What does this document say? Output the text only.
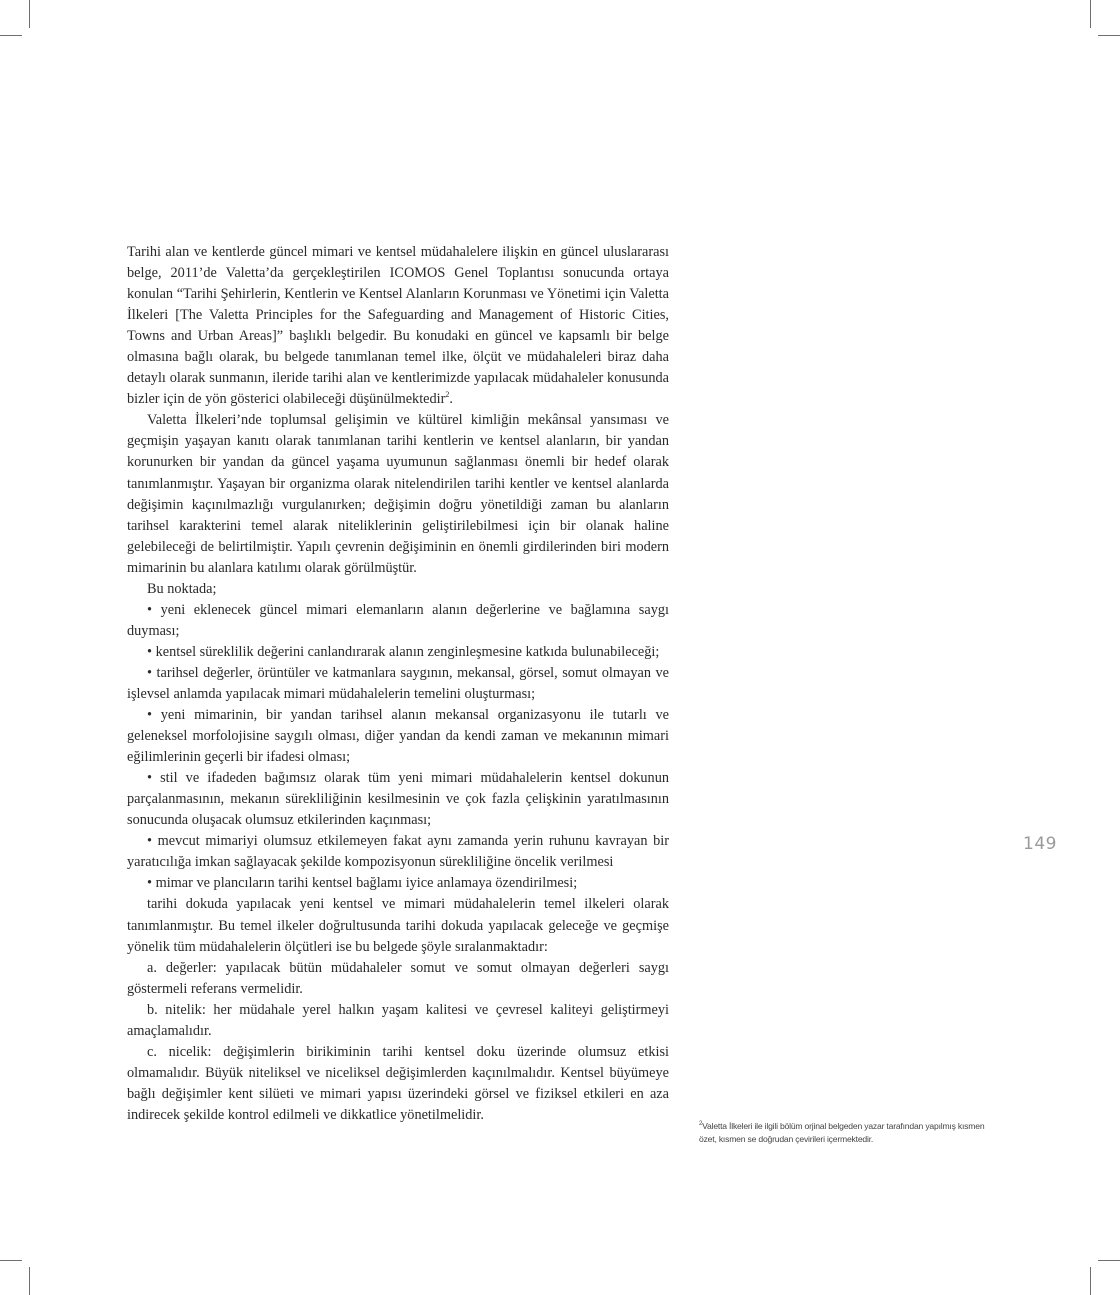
Tarihi alan ve kentlerde güncel mimari ve kentsel müdahalelere ilişkin en güncel uluslararası belge, 2011’de Valetta’da gerçekleştirilen ICOMOS Genel Toplantısı sonucunda ortaya konulan “Tarihi Şehirlerin, Kentlerin ve Kentsel Alanların Korunması ve Yönetimi için Valetta İlkeleri [The Valetta Principles for the Safeguarding and Management of Historic Cities, Towns and Urban Areas]” başlıklı belgedir. Bu konudaki en güncel ve kapsamlı bir belge olmasına bağlı olarak, bu belgede tanımlanan temel ilke, ölçüt ve müdahaleleri biraz daha detaylı olarak sunmanın, ileride tarihi alan ve kentlerimizde yapılacak müdahaleler konusunda bizler için de yön gösterici olabileceği düşünülmektedir$^2$.

Valetta İlkeleri’nde toplumsal gelişimin ve kültürel kimliğin mekânsal yansıması ve geçmişin yaşayan kanıtı olarak tanımlanan tarihi kentlerin ve kentsel alanların, bir yandan korunurken bir yandan da güncel yaşama uyumunun sağlanması önemli bir hedef olarak tanımlanmıştır. Yaşayan bir organizma olarak nitelendirilen tarihi kentler ve kentsel alanlarda değişimin kaçınılmazlığı vurgulanırken; değişimin doğru yönetildiği zaman bu alanların tarihsel karakterini temel alarak niteliklerinin geliştirilebilmesi için bir olanak haline gelebileceği de belirtilmiştir. Yapılı çevrenin değişiminin en önemli girdilerinden biri modern mimarinin bu alanlara katılımı olarak görülmüştür.

Bu noktada;

• yeni eklenecek güncel mimari elemanların alanın değerlerine ve bağlamına saygı duyması;

• kentsel süreklilik değerini canlandırarak alanın zenginleşmesine katkıda bulunabileceği;

• tarihsel değerler, örüntüler ve katmanlara saygının, mekansal, görsel, somut olmayan ve işlevsel anlamda yapılacak mimari müdahalelerin temelini oluşturması;

• yeni mimarinin, bir yandan tarihsel alanın mekansal organizasyonu ile tutarlı ve geleneksel morfolojisine saygılı olması, diğer yandan da kendi zaman ve mekanının mimari eğilimlerinin geçerli bir ifadesi olması;

• stil ve ifadeden bağımsız olarak tüm yeni mimari müdahalelerin kentsel dokunun parçalanmasının, mekanın sürekliliğinin kesilmesinin ve çok fazla çelişkinin yaratılmasının sonucunda oluşacak olumsuz etkilerinden kaçınması;

• mevcut mimariyi olumsuz etkilemeyen fakat aynı zamanda yerin ruhunu kavrayan bir yaratıcılığa imkan sağlayacak şekilde kompozisyonun sürekliliğine öncelik verilmesi

• mimar ve plancıların tarihi kentsel bağlamı iyice anlamaya özendirilmesi;

tarihi dokuda yapılacak yeni kentsel ve mimari müdahalelerin temel ilkeleri olarak tanımlanmıştır. Bu temel ilkeler doğrultusunda tarihi dokuda yapılacak geleceğe ve geçmişe yönelik tüm müdahalelerin ölçütleri ise bu belgede şöyle sıralanmaktadır:

a. değerler: yapılacak bütün müdahaleler somut ve somut olmayan değerleri saygı göstermeli referans vermelidir.

b. nitelik: her müdahale yerel halkın yaşam kalitesi ve çevresel kaliteyi geliştirmeyi amaçlamalıdır.

c. nicelik: değişimlerin birikiminin tarihi kentsel doku üzerinde olumsuz etkisi olmamalıdır. Büyük niteliksel ve niceliksel değişimlerden kaçınılmalıdır. Kentsel büyümeye bağlı değişimler kent silüeti ve mimari yapısı üzerindeki görsel ve fiziksel etkileri en aza indirecek şekilde kontrol edilmeli ve dikkatlice yönetilmelidir.

149
$^2$Valetta İlkeleri ile ilgili bölüm orjinal belgeden yazar tarafından yapılmış kısmen özet, kısmen se doğrudan çevirileri içermektedir.
